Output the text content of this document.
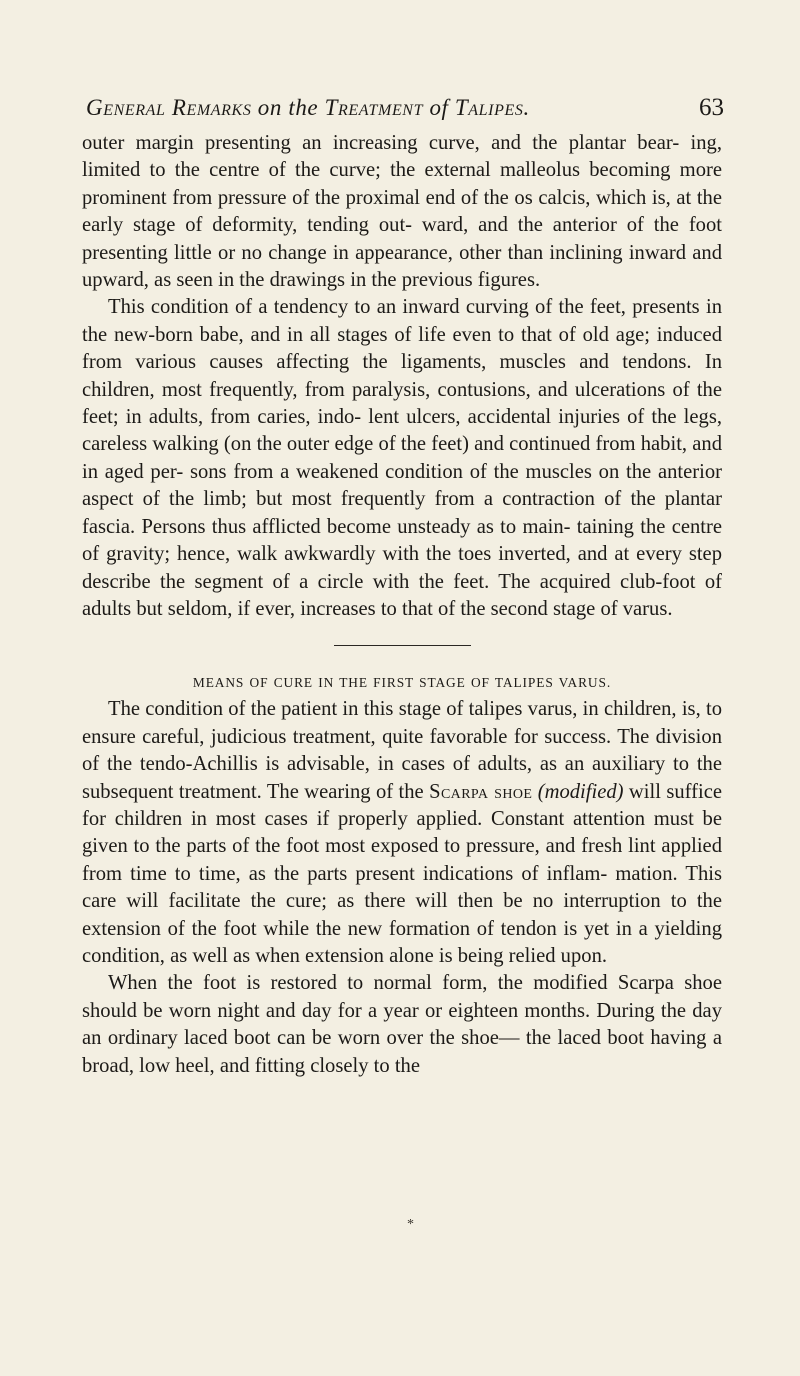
General Remarks on the Treatment of Talipes.	63

outer margin presenting an increasing curve, and the plantar bear- ing, limited to the centre of the curve; the external malleolus becoming more prominent from pressure of the proximal end of the os calcis, which is, at the early stage of deformity, tending out- ward, and the anterior of the foot presenting little or no change in appearance, other than inclining inward and upward, as seen in the drawings in the previous figures.

This condition of a tendency to an inward curving of the feet, presents in the new-born babe, and in all stages of life even to that of old age; induced from various causes affecting the ligaments, muscles and tendons. In children, most frequently, from paralysis, contusions, and ulcerations of the feet; in adults, from caries, indo- lent ulcers, accidental injuries of the legs, careless walking (on the outer edge of the feet) and continued from habit, and in aged per- sons from a weakened condition of the muscles on the anterior aspect of the limb; but most frequently from a contraction of the plantar fascia. Persons thus afflicted become unsteady as to main- taining the centre of gravity; hence, walk awkwardly with the toes inverted, and at every step describe the segment of a circle with the feet. The acquired club-foot of adults but seldom, if ever, increases to that of the second stage of varus.

MEANS OF CURE IN THE FIRST STAGE OF TALIPES VARUS.

The condition of the patient in this stage of talipes varus, in children, is, to ensure careful, judicious treatment, quite favorable for success. The division of the tendo-Achillis is advisable, in cases of adults, as an auxiliary to the subsequent treatment. The wearing of the Scarpa shoe (modified) will suffice for children in most cases if properly applied. Constant attention must be given to the parts of the foot most exposed to pressure, and fresh lint applied from time to time, as the parts present indications of inflam- mation. This care will facilitate the cure; as there will then be no interruption to the extension of the foot while the new formation of tendon is yet in a yielding condition, as well as when extension alone is being relied upon.

When the foot is restored to normal form, the modified Scarpa shoe should be worn night and day for a year or eighteen months. During the day an ordinary laced boot can be worn over the shoe— the laced boot having a broad, low heel, and fitting closely to the

*
